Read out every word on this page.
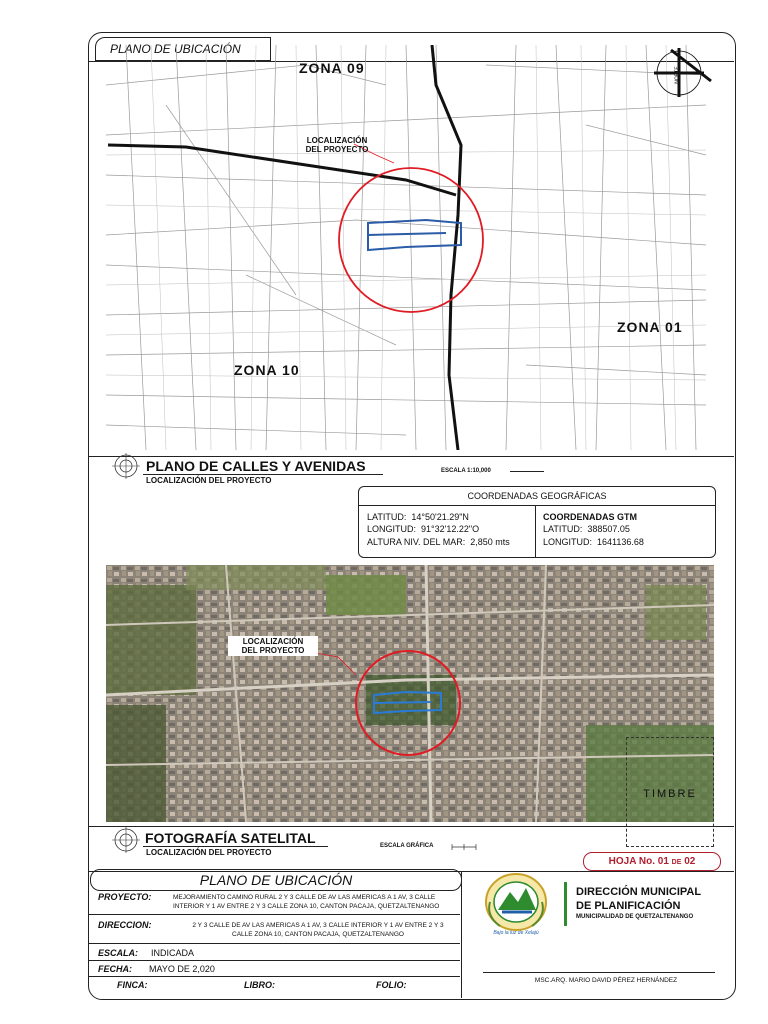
PLANO DE UBICACIÓN
ZONA 09
ZONA 01
ZONA 10
LOCALIZACIÓN
DEL PROYECTO
NORTE
PLANO DE CALLES Y AVENIDAS
LOCALIZACIÓN DEL PROYECTO
ESCALA 1:10,000
COORDENADAS GEOGRÁFICAS
LATITUD: 14°50'21.29"N
LONGITUD: 91°32'12.22"O
ALTURA NIV. DEL MAR: 2,850 mts
COORDENADAS GTM
LATITUD: 388507.05
LONGITUD: 1641136.68
LOCALIZACIÓN
DEL PROYECTO
TIMBRE
FOTOGRAFÍA SATELITAL
LOCALIZACIÓN DEL PROYECTO
ESCALA GRÁFICA
HOJA No. 01 DE 02
PLANO DE UBICACIÓN
PROYECTO:	MEJORAMIENTO CAMINO RURAL 2 Y 3 CALLE DE AV LAS AMERICAS A 1 AV, 3 CALLE
INTERIOR Y 1 AV ENTRE 2 Y 3 CALLE ZONA 10, CANTON PACAJA, QUETZALTENANGO
DIRECCION:	2 Y 3 CALLE DE AV LAS AMERICAS A 1 AV, 3 CALLE INTERIOR Y 1 AV ENTRE 2 Y 3
CALLE ZONA 10, CANTON PACAJA, QUETZALTENANGO
ESCALA: INDICADA
FECHA: MAYO DE 2,020
FINCA:	LIBRO:	FOLIO:	MSC.ARQ. MARIO DAVID PÉREZ HERNÁNDEZ
Bajo la luz de Xelajú
DIRECCIÓN MUNICIPAL
DE PLANIFICACIÓN
MUNICIPALIDAD DE QUETZALTENANGO
